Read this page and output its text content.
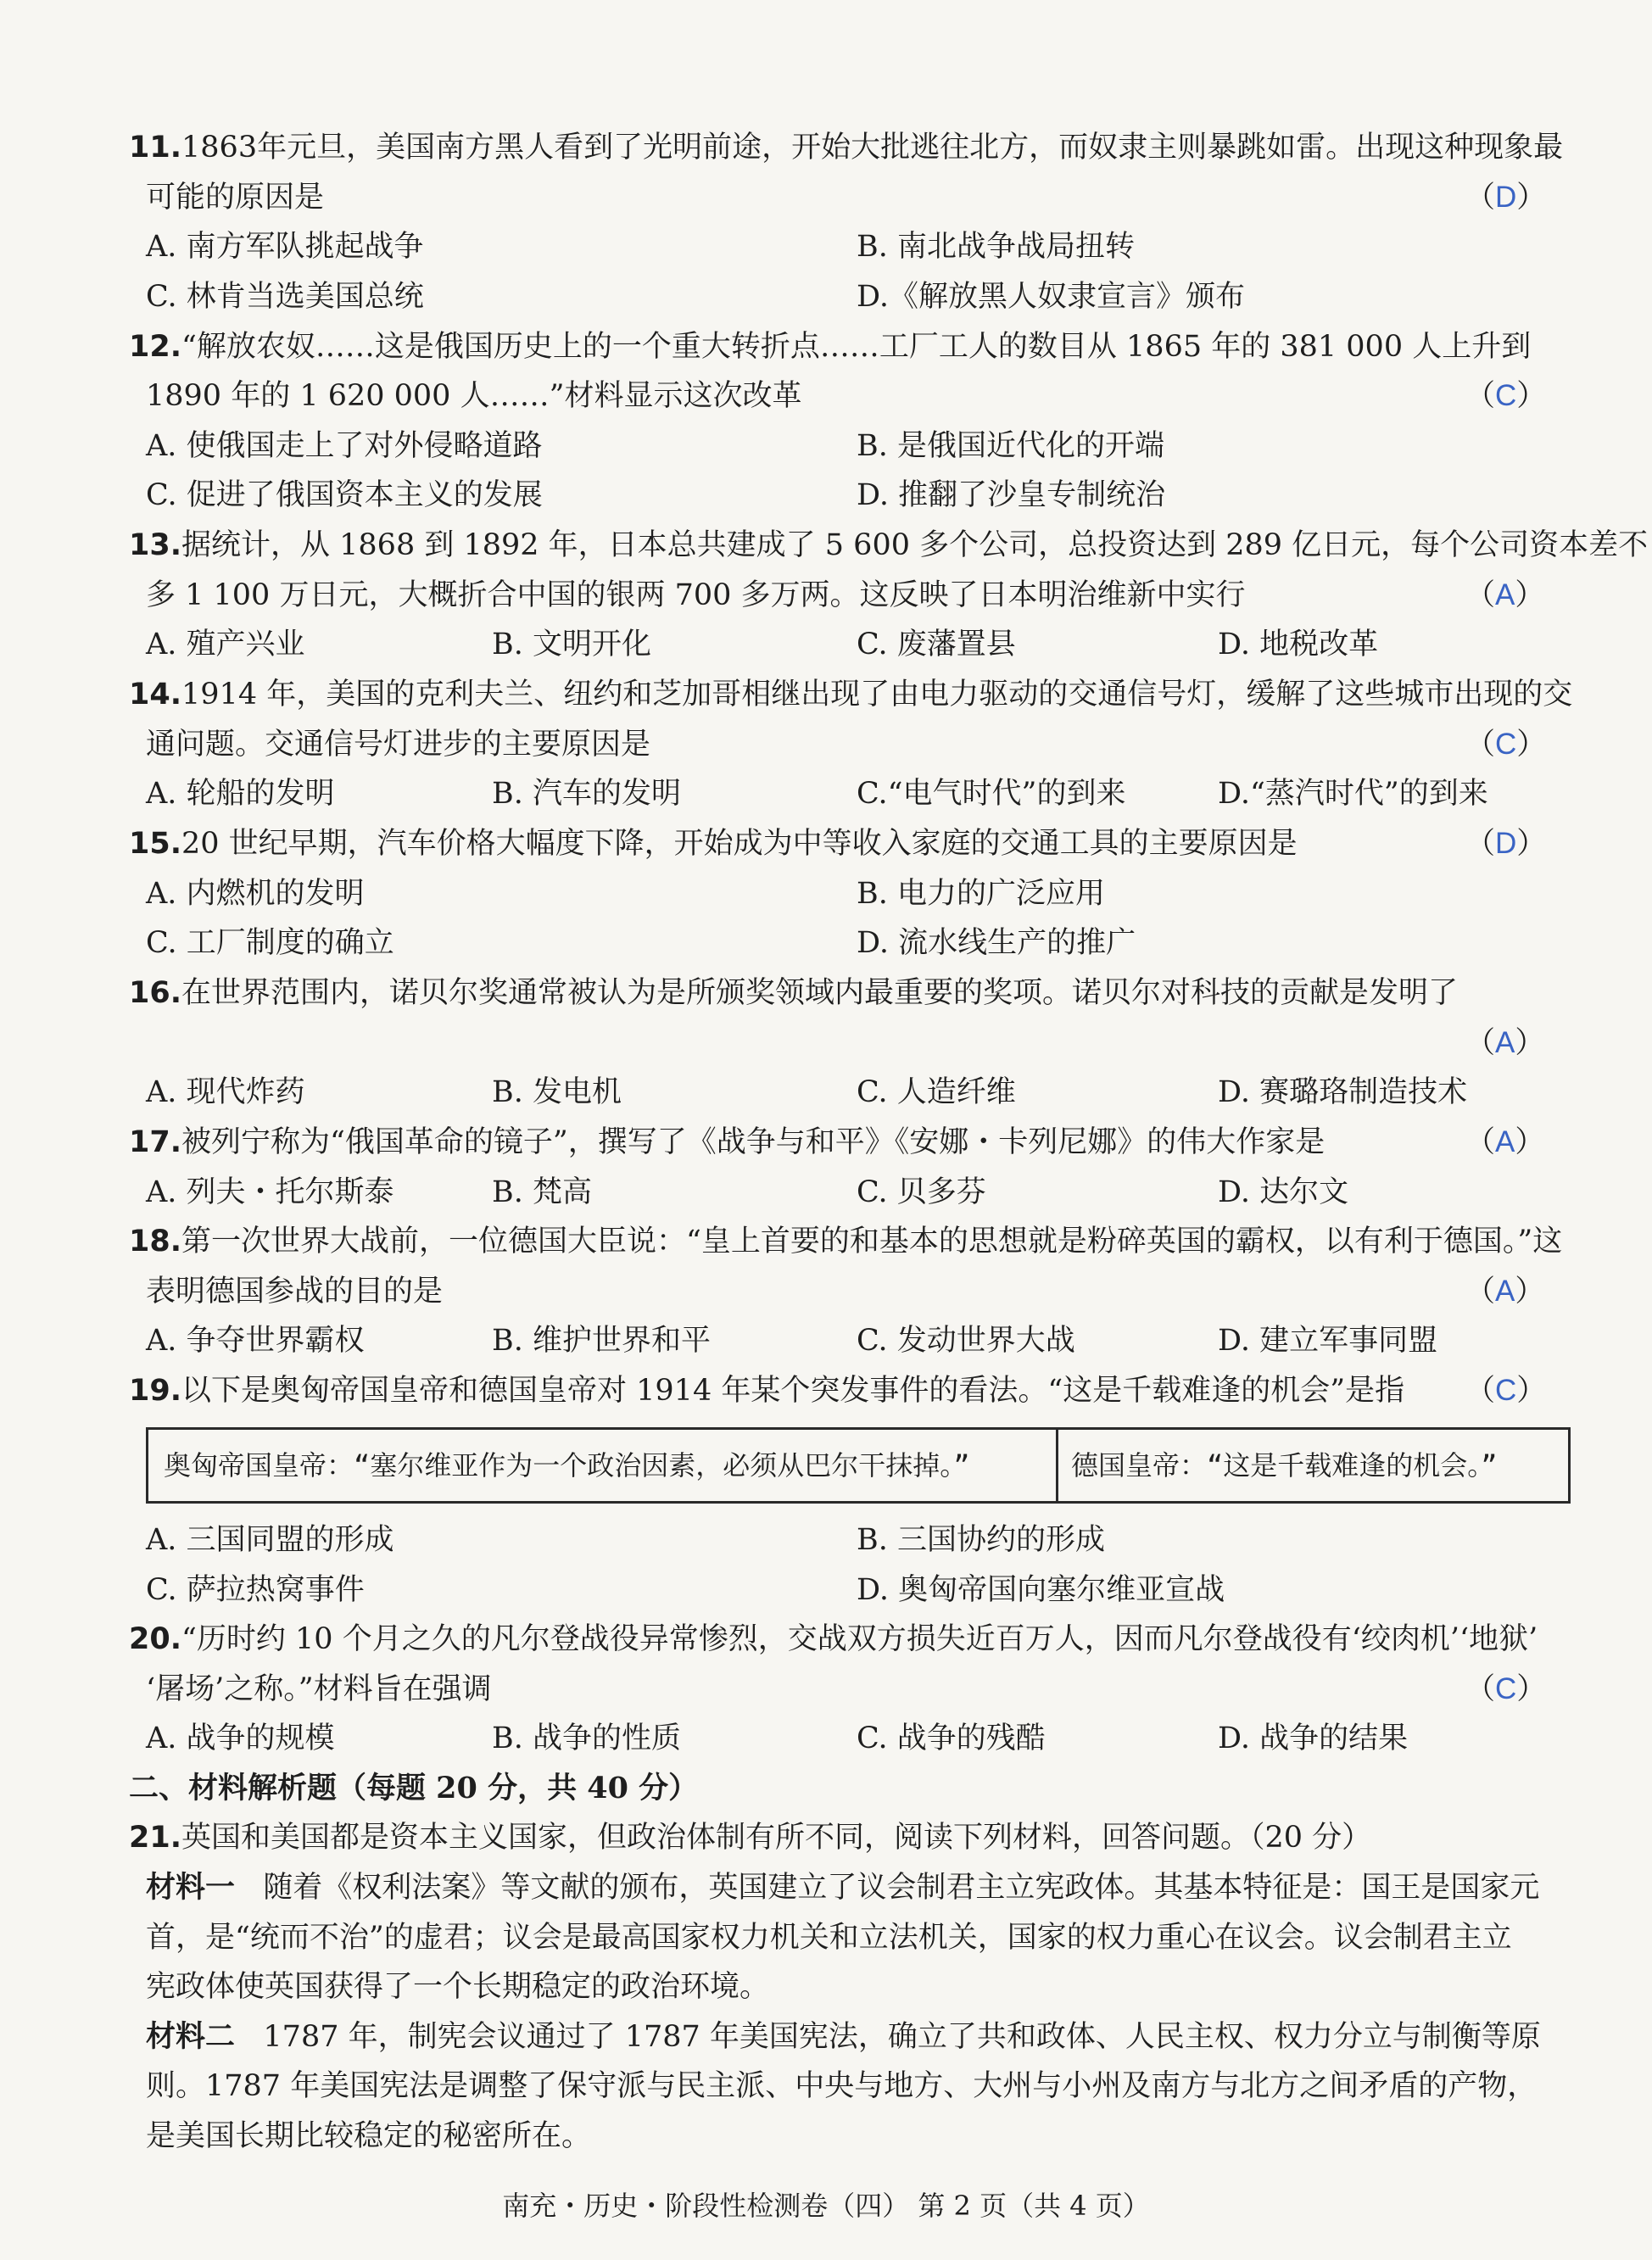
11.1863年元旦，美国南方黑人看到了光明前途，开始大批逃往北方，而奴隶主则暴跳如雷。出现这种现象最
可能的原因是	（D）
A. 南方军队挑起战争	B. 南北战争战局扭转
C. 林肯当选美国总统	D.《解放黑人奴隶宣言》颁布
12.“解放农奴……这是俄国历史上的一个重大转折点……工厂工人的数目从 1865 年的 381 000 人上升到
1890 年的 1 620 000 人……”材料显示这次改革	（C）
A. 使俄国走上了对外侵略道路	B. 是俄国近代化的开端
C. 促进了俄国资本主义的发展	D. 推翻了沙皇专制统治
13.据统计，从 1868 到 1892 年，日本总共建成了 5 600 多个公司，总投资达到 289 亿日元，每个公司资本差不
多 1 100 万日元，大概折合中国的银两 700 多万两。这反映了日本明治维新中实行	（A）
A. 殖产兴业	B. 文明开化	C. 废藩置县	D. 地税改革
14.1914 年，美国的克利夫兰、纽约和芝加哥相继出现了由电力驱动的交通信号灯，缓解了这些城市出现的交
通问题。交通信号灯进步的主要原因是	（C）
A. 轮船的发明	B. 汽车的发明	C.“电气时代”的到来	D.“蒸汽时代”的到来
15.20 世纪早期，汽车价格大幅度下降，开始成为中等收入家庭的交通工具的主要原因是	（D）
A. 内燃机的发明	B. 电力的广泛应用
C. 工厂制度的确立	D. 流水线生产的推广
16.在世界范围内，诺贝尔奖通常被认为是所颁奖领域内最重要的奖项。诺贝尔对科技的贡献是发明了
（A）
A. 现代炸药	B. 发电机	C. 人造纤维	D. 赛璐珞制造技术
17.被列宁称为“俄国革命的镜子”，撰写了《战争与和平》《安娜・卡列尼娜》的伟大作家是	（A）
A. 列夫・托尔斯泰	B. 梵高	C. 贝多芬	D. 达尔文
18.第一次世界大战前，一位德国大臣说：“皇上首要的和基本的思想就是粉碎英国的霸权，以有利于德国。”这
表明德国参战的目的是	（A）
A. 争夺世界霸权	B. 维护世界和平	C. 发动世界大战	D. 建立军事同盟
19.以下是奥匈帝国皇帝和德国皇帝对 1914 年某个突发事件的看法。“这是千载难逢的机会”是指 （C）
奥匈帝国皇帝：“塞尔维亚作为一个政治因素，必须从巴尔干抹掉。”	德国皇帝：“这是千载难逢的机会。”
A. 三国同盟的形成	B. 三国协约的形成
C. 萨拉热窝事件	D. 奥匈帝国向塞尔维亚宣战
20.“历时约 10 个月之久的凡尔登战役异常惨烈，交战双方损失近百万人，因而凡尔登战役有‘绞肉机’‘地狱’
‘屠场’之称。”材料旨在强调	（C）
A. 战争的规模	B. 战争的性质	C. 战争的残酷	D. 战争的结果
二、材料解析题（每题 20 分，共 40 分）
21.英国和美国都是资本主义国家，但政治体制有所不同，阅读下列材料，回答问题。（20 分）
材料一 随着《权利法案》等文献的颁布，英国建立了议会制君主立宪政体。其基本特征是：国王是国家元
首，是“统而不治”的虚君；议会是最高国家权力机关和立法机关，国家的权力重心在议会。议会制君主立
宪政体使英国获得了一个长期稳定的政治环境。
材料二 1787 年，制宪会议通过了 1787 年美国宪法，确立了共和政体、人民主权、权力分立与制衡等原
则。1787 年美国宪法是调整了保守派与民主派、中央与地方、大州与小州及南方与北方之间矛盾的产物，
是美国长期比较稳定的秘密所在。
南充・历史・阶段性检测卷（四） 第 2 页（共 4 页）
